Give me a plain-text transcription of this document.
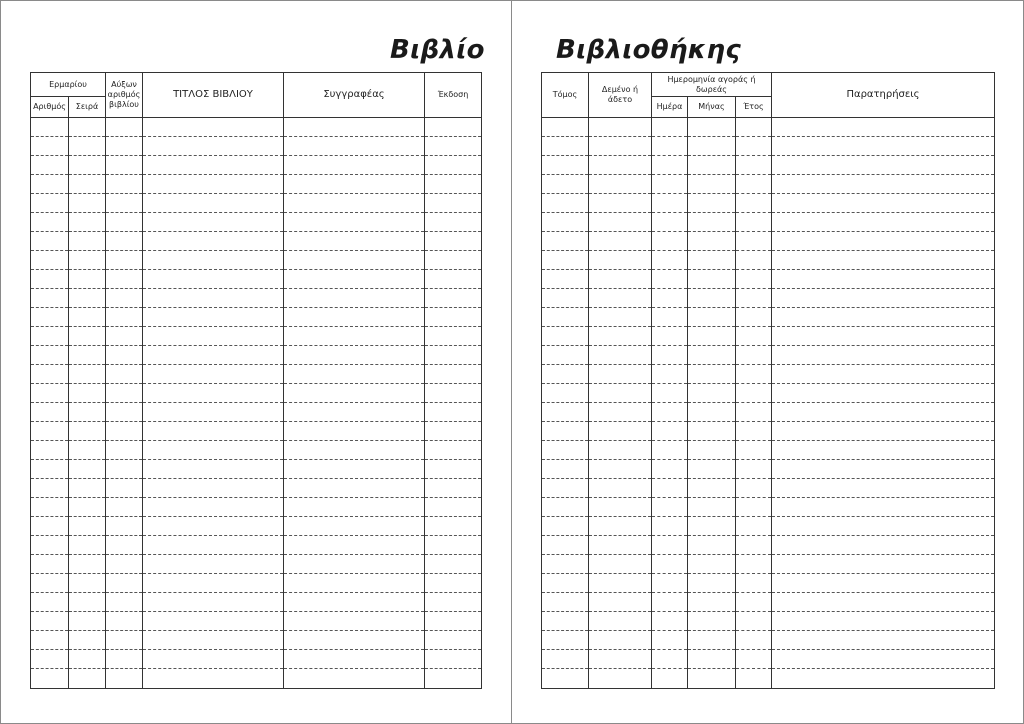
Βιβλίο	Βιβλιοθήκης
Ερμαρίου		Αύξων αριθμός βιβλίου	ΤΙΤΛΟΣ ΒΙΒΛΙΟΥ	Συγγραφέας	Έκδοση
Αριθμός	Σειρά				

Τόμος	Δεμένο ή άδετο	Ημερομηνία αγοράς ή δωρεάς			Παρατηρήσεις
		Ημέρα	Μήνας	Έτος	
